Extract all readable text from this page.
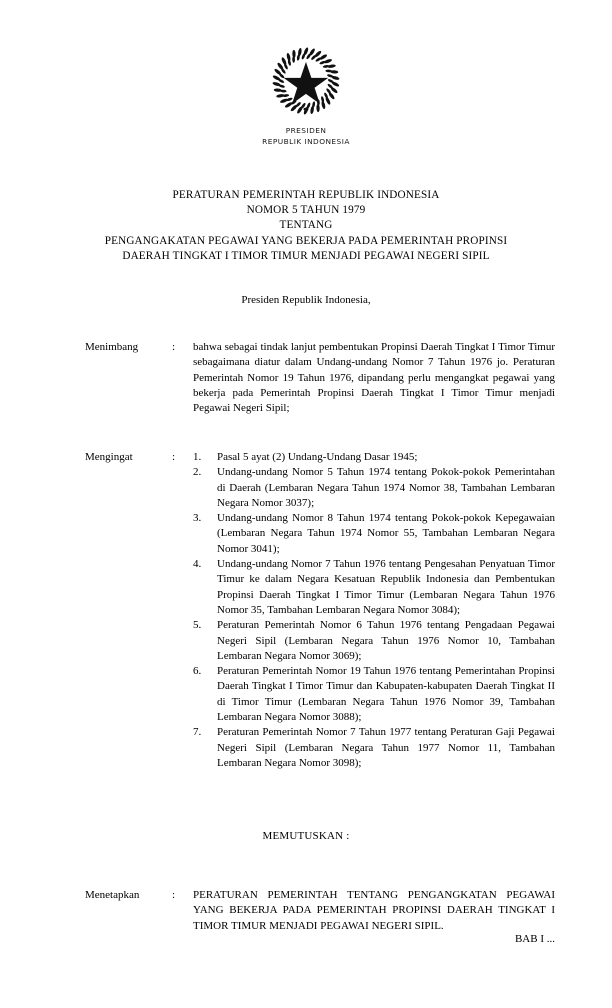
PRESIDEN
REPUBLIK INDONESIA
PERATURAN PEMERINTAH REPUBLIK INDONESIA
NOMOR 5 TAHUN 1979
TENTANG
PENGANGAKATAN PEGAWAI YANG BEKERJA PADA PEMERINTAH PROPINSI
DAERAH TINGKAT I TIMOR TIMUR MENJADI PEGAWAI NEGERI SIPIL
Presiden Republik Indonesia,
Menimbang	: bahwa sebagai tindak lanjut pembentukan Propinsi Daerah Tingkat I Timor Timur sebagaimana diatur dalam Undang-undang Nomor 7 Tahun 1976 jo. Peraturan Pemerintah Nomor 19 Tahun 1976, dipandang perlu mengangkat pegawai yang bekerja pada Pemerintah Propinsi Daerah Tingkat I Timor Timur menjadi Pegawai Negeri Sipil;

Mengingat	: 1.	Pasal 5 ayat (2) Undang-Undang Dasar 1945;
2.	Undang-undang Nomor 5 Tahun 1974 tentang Pokok-pokok Pemerintahan di Daerah (Lembaran Negara Tahun 1974 Nomor 38, Tambahan Lembaran Negara Nomor 3037);
3.	Undang-undang Nomor 8 Tahun 1974 tentang Pokok-pokok Kepegawaian (Lembaran Negara Tahun 1974 Nomor 55, Tambahan Lembaran Negara Nomor 3041);
4.	Undang-undang Nomor 7 Tahun 1976 tentang Pengesahan Penyatuan Timor Timur ke dalam Negara Kesatuan Republik Indonesia dan Pembentukan Propinsi Daerah Tingkat I Timor Timur (Lembaran Negara Tahun 1976 Nomor 35, Tambahan Lembaran Negara Nomor 3084);
5.	Peraturan Pemerintah Nomor 6 Tahun 1976 tentang Pengadaan Pegawai Negeri Sipil (Lembaran Negara Tahun 1976 Nomor 10, Tambahan Lembaran Negara Nomor 3069);
6.	Peraturan Pemerintah Nomor 19 Tahun 1976 tentang Pemerintahan Propinsi Daerah Tingkat I Timor Timur dan Kabupaten-kabupaten Daerah Tingkat II di Timor Timur (Lembaran Negara Tahun 1976 Nomor 39, Tambahan Lembaran Negara Nomor 3088);
7.	Peraturan Pemerintah Nomor 7 Tahun 1977 tentang Peraturan Gaji Pegawai Negeri Sipil (Lembaran Negara Tahun 1977 Nomor 11, Tambahan Lembaran Negara Nomor 3098);
MEMUTUSKAN :
Menetapkan	: PERATURAN PEMERINTAH TENTANG PENGANGKATAN PEGAWAI YANG BEKERJA PADA PEMERINTAH PROPINSI DAERAH TINGKAT I TIMOR TIMUR MENJADI PEGAWAI NEGERI SIPIL.

BAB I ...
